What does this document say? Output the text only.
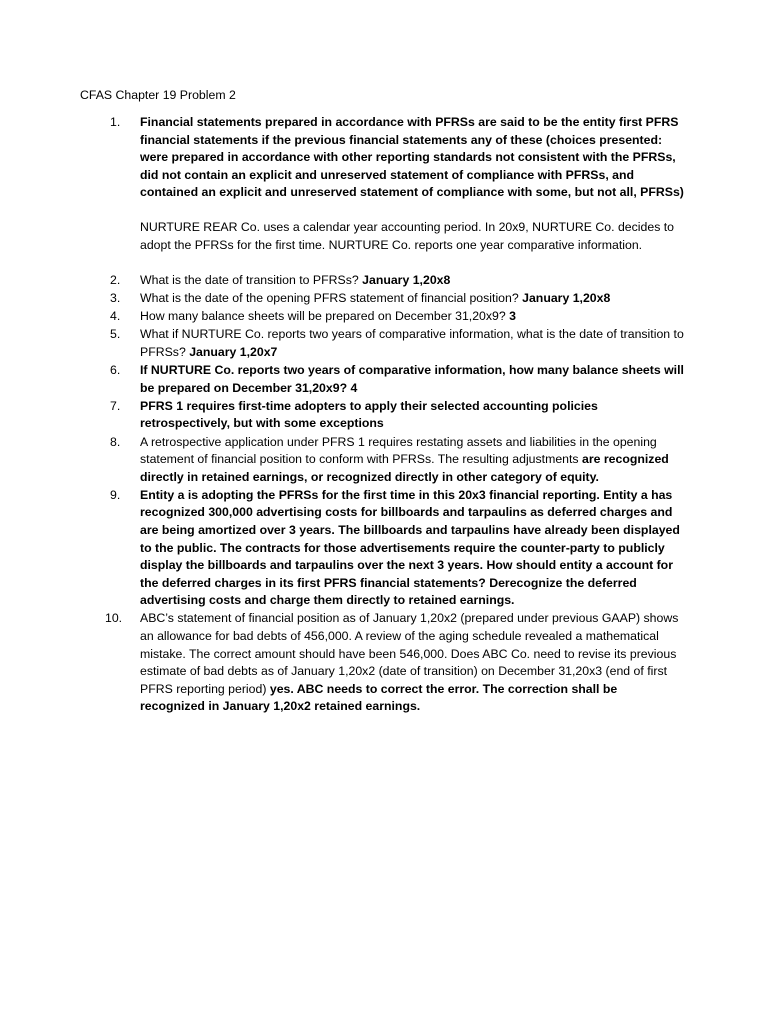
CFAS Chapter 19 Problem 2
1. Financial statements prepared in accordance with PFRSs are said to be the entity first PFRS financial statements if the previous financial statements any of these (choices presented: were prepared in accordance with other reporting standards not consistent with the PFRSs, did not contain an explicit and unreserved statement of compliance with PFRSs, and contained an explicit and unreserved statement of compliance with some, but not all, PFRSs)
NURTURE REAR Co. uses a calendar year accounting period. In 20x9, NURTURE Co. decides to adopt the PFRSs for the first time. NURTURE Co. reports one year comparative information.
2. What is the date of transition to PFRSs? January 1,20x8
3. What is the date of the opening PFRS statement of financial position? January 1,20x8
4. How many balance sheets will be prepared on December 31,20x9? 3
5. What if NURTURE Co. reports two years of comparative information, what is the date of transition to PFRSs? January 1,20x7
6. If NURTURE Co. reports two years of comparative information, how many balance sheets will be prepared on December 31,20x9? 4
7. PFRS 1 requires first-time adopters to apply their selected accounting policies retrospectively, but with some exceptions
8. A retrospective application under PFRS 1 requires restating assets and liabilities in the opening statement of financial position to conform with PFRSs. The resulting adjustments are recognized directly in retained earnings, or recognized directly in other category of equity.
9. Entity a is adopting the PFRSs for the first time in this 20x3 financial reporting. Entity a has recognized 300,000 advertising costs for billboards and tarpaulins as deferred charges and are being amortized over 3 years. The billboards and tarpaulins have already been displayed to the public. The contracts for those advertisements require the counter-party to publicly display the billboards and tarpaulins over the next 3 years. How should entity a account for the deferred charges in its first PFRS financial statements? Derecognize the deferred advertising costs and charge them directly to retained earnings.
10. ABC’s statement of financial position as of January 1,20x2 (prepared under previous GAAP) shows an allowance for bad debts of 456,000. A review of the aging schedule revealed a mathematical mistake. The correct amount should have been 546,000. Does ABC Co. need to revise its previous estimate of bad debts as of January 1,20x2 (date of transition) on December 31,20x3 (end of first PFRS reporting period) yes. ABC needs to correct the error. The correction shall be recognized in January 1,20x2 retained earnings.
